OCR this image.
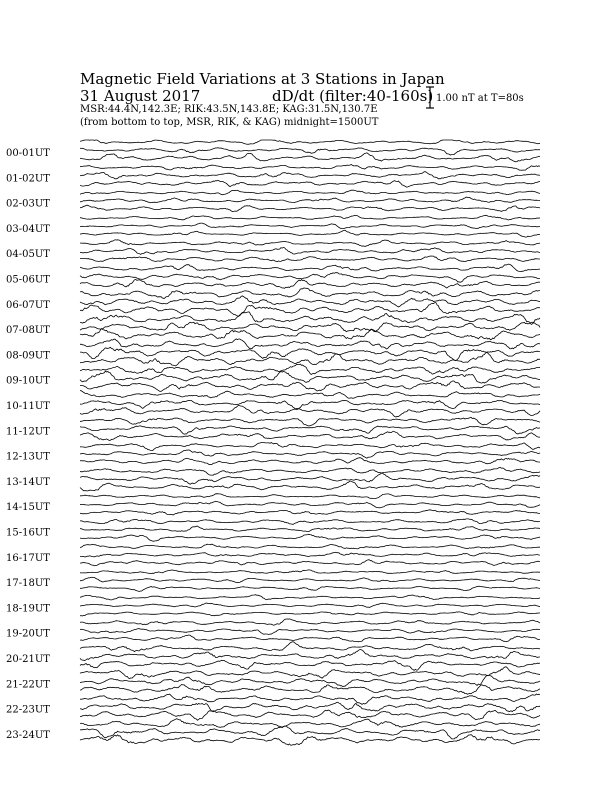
Magnetic Field Variations at 3 Stations in Japan
31 August 2017	dD/dt (filter:40-160s)
MSR:44.4N,142.3E; RIK:43.5N,143.8E; KAG:31.5N,130.7E
(from bottom to top, MSR, RIK, & KAG) midnight=1500UT
1.00 nT at T=80s
00-01UT
01-02UT
02-03UT
03-04UT
04-05UT
05-06UT
06-07UT
07-08UT
08-09UT
09-10UT
10-11UT
11-12UT
12-13UT
13-14UT
14-15UT
15-16UT
16-17UT
17-18UT
18-19UT
19-20UT
20-21UT
21-22UT
22-23UT
23-24UT
